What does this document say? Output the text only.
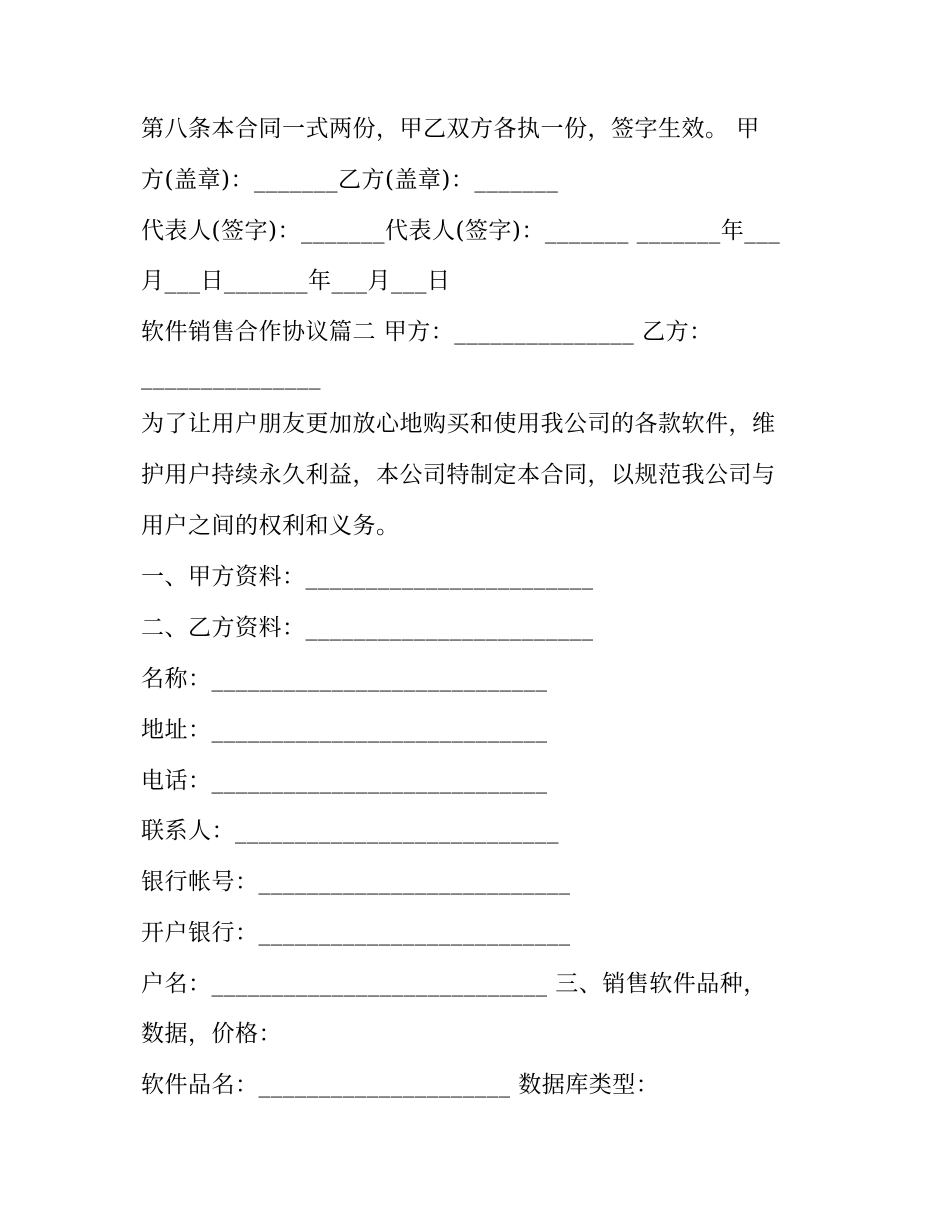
第八条本合同一式两份，甲乙双方各执一份，签字生效。 甲
方(盖章)：_______乙方(盖章)：_______
代表人(签字)：_______代表人(签字)：_______ _______年___
月___日_______年___月___日
软件销售合作协议篇二 甲方：_______________ 乙方：
_______________
为了让用户朋友更加放心地购买和使用我公司的各款软件，维
护用户持续永久利益，本公司特制定本合同，以规范我公司与
用户之间的权利和义务。
一、甲方资料：________________________
二、乙方资料：________________________
名称：____________________________
地址：____________________________
电话：____________________________
联系人：___________________________
银行帐号：__________________________
开户银行：__________________________
户名：____________________________ 三、销售软件品种，
数据，价格：
软件品名：_____________________ 数据库类型：
